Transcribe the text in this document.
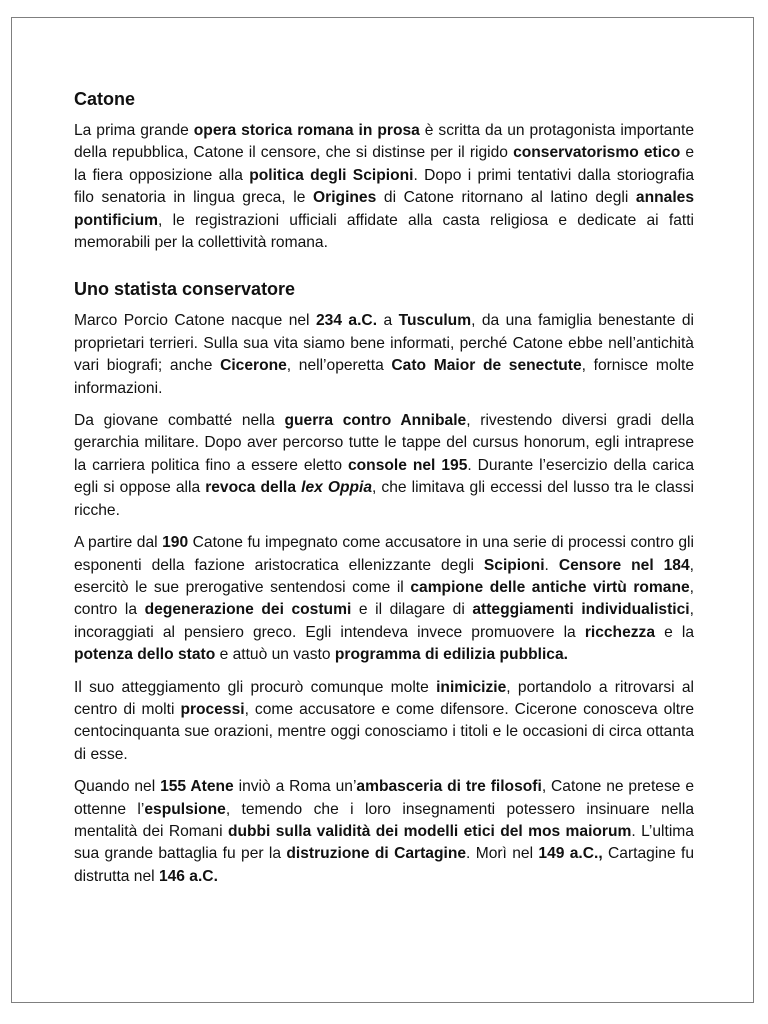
Catone

La prima grande opera storica romana in prosa è scritta da un protagonista importante della repubblica, Catone il censore, che si distinse per il rigido conservatorismo etico e la fiera opposizione alla politica degli Scipioni. Dopo i primi tentativi dalla storiografia filo senatoria in lingua greca, le Origines di Catone ritornano al latino degli annales pontificium, le registrazioni ufficiali affidate alla casta religiosa e dedicate ai fatti memorabili per la collettività romana.

Uno statista conservatore

Marco Porcio Catone nacque nel 234 a.C. a Tusculum, da una famiglia benestante di proprietari terrieri. Sulla sua vita siamo bene informati, perché Catone ebbe nell’antichità vari biografi; anche Cicerone, nell’operetta Cato Maior de senectute, fornisce molte informazioni.

Da giovane combatté nella guerra contro Annibale, rivestendo diversi gradi della gerarchia militare. Dopo aver percorso tutte le tappe del cursus honorum, egli intraprese la carriera politica fino a essere eletto console nel 195. Durante l’esercizio della carica egli si oppose alla revoca della lex Oppia, che limitava gli eccessi del lusso tra le classi ricche.

A partire dal 190 Catone fu impegnato come accusatore in una serie di processi contro gli esponenti della fazione aristocratica ellenizzante degli Scipioni. Censore nel 184, esercitò le sue prerogative sentendosi come il campione delle antiche virtù romane, contro la degenerazione dei costumi e il dilagare di atteggiamenti individualistici, incoraggiati al pensiero greco. Egli intendeva invece promuovere la ricchezza e la potenza dello stato e attuò un vasto programma di edilizia pubblica.

Il suo atteggiamento gli procurò comunque molte inimicizie, portandolo a ritrovarsi al centro di molti processi, come accusatore e come difensore. Cicerone conosceva oltre centocinquanta sue orazioni, mentre oggi conosciamo i titoli e le occasioni di circa ottanta di esse.

Quando nel 155 Atene inviò a Roma un’ambasceria di tre filosofi, Catone ne pretese e ottenne l’espulsione, temendo che i loro insegnamenti potessero insinuare nella mentalità dei Romani dubbi sulla validità dei modelli etici del mos maiorum. L’ultima sua grande battaglia fu per la distruzione di Cartagine. Morì nel 149 a.C., Cartagine fu distrutta nel 146 a.C.
